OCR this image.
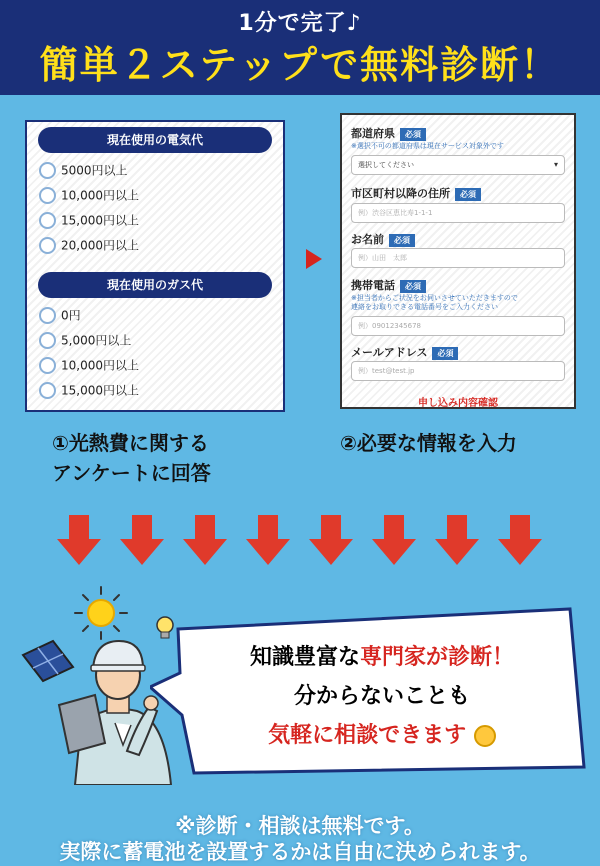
1分で完了♪
簡単２ステップで無料診断！
現在使用の電気代
5000円以上
10,000円以上
15,000円以上
20,000円以上
現在使用のガス代
0円
5,000円以上
10,000円以上
15,000円以上
都道府県 必須
※選択不可の都道府県は現在サービス対象外です
選択してください	▾
市区町村以降の住所 必須
例）渋谷区恵比寿1-1-1
お名前 必須
例）山田　太郎
携帯電話 必須
※担当者からご状況をお伺いさせていただきますので
連絡をお取りできる電話番号をご入力ください
例）09012345678
メールアドレス 必須
例）test@test.jp
申し込み内容確認
①光熱費に関する
アンケートに回答
②必要な情報を入力
知識豊富な専門家が診断！
分からないことも
気軽に相談できます
※診断・相談は無料です。
実際に蓄電池を設置するかは自由に決められます。
